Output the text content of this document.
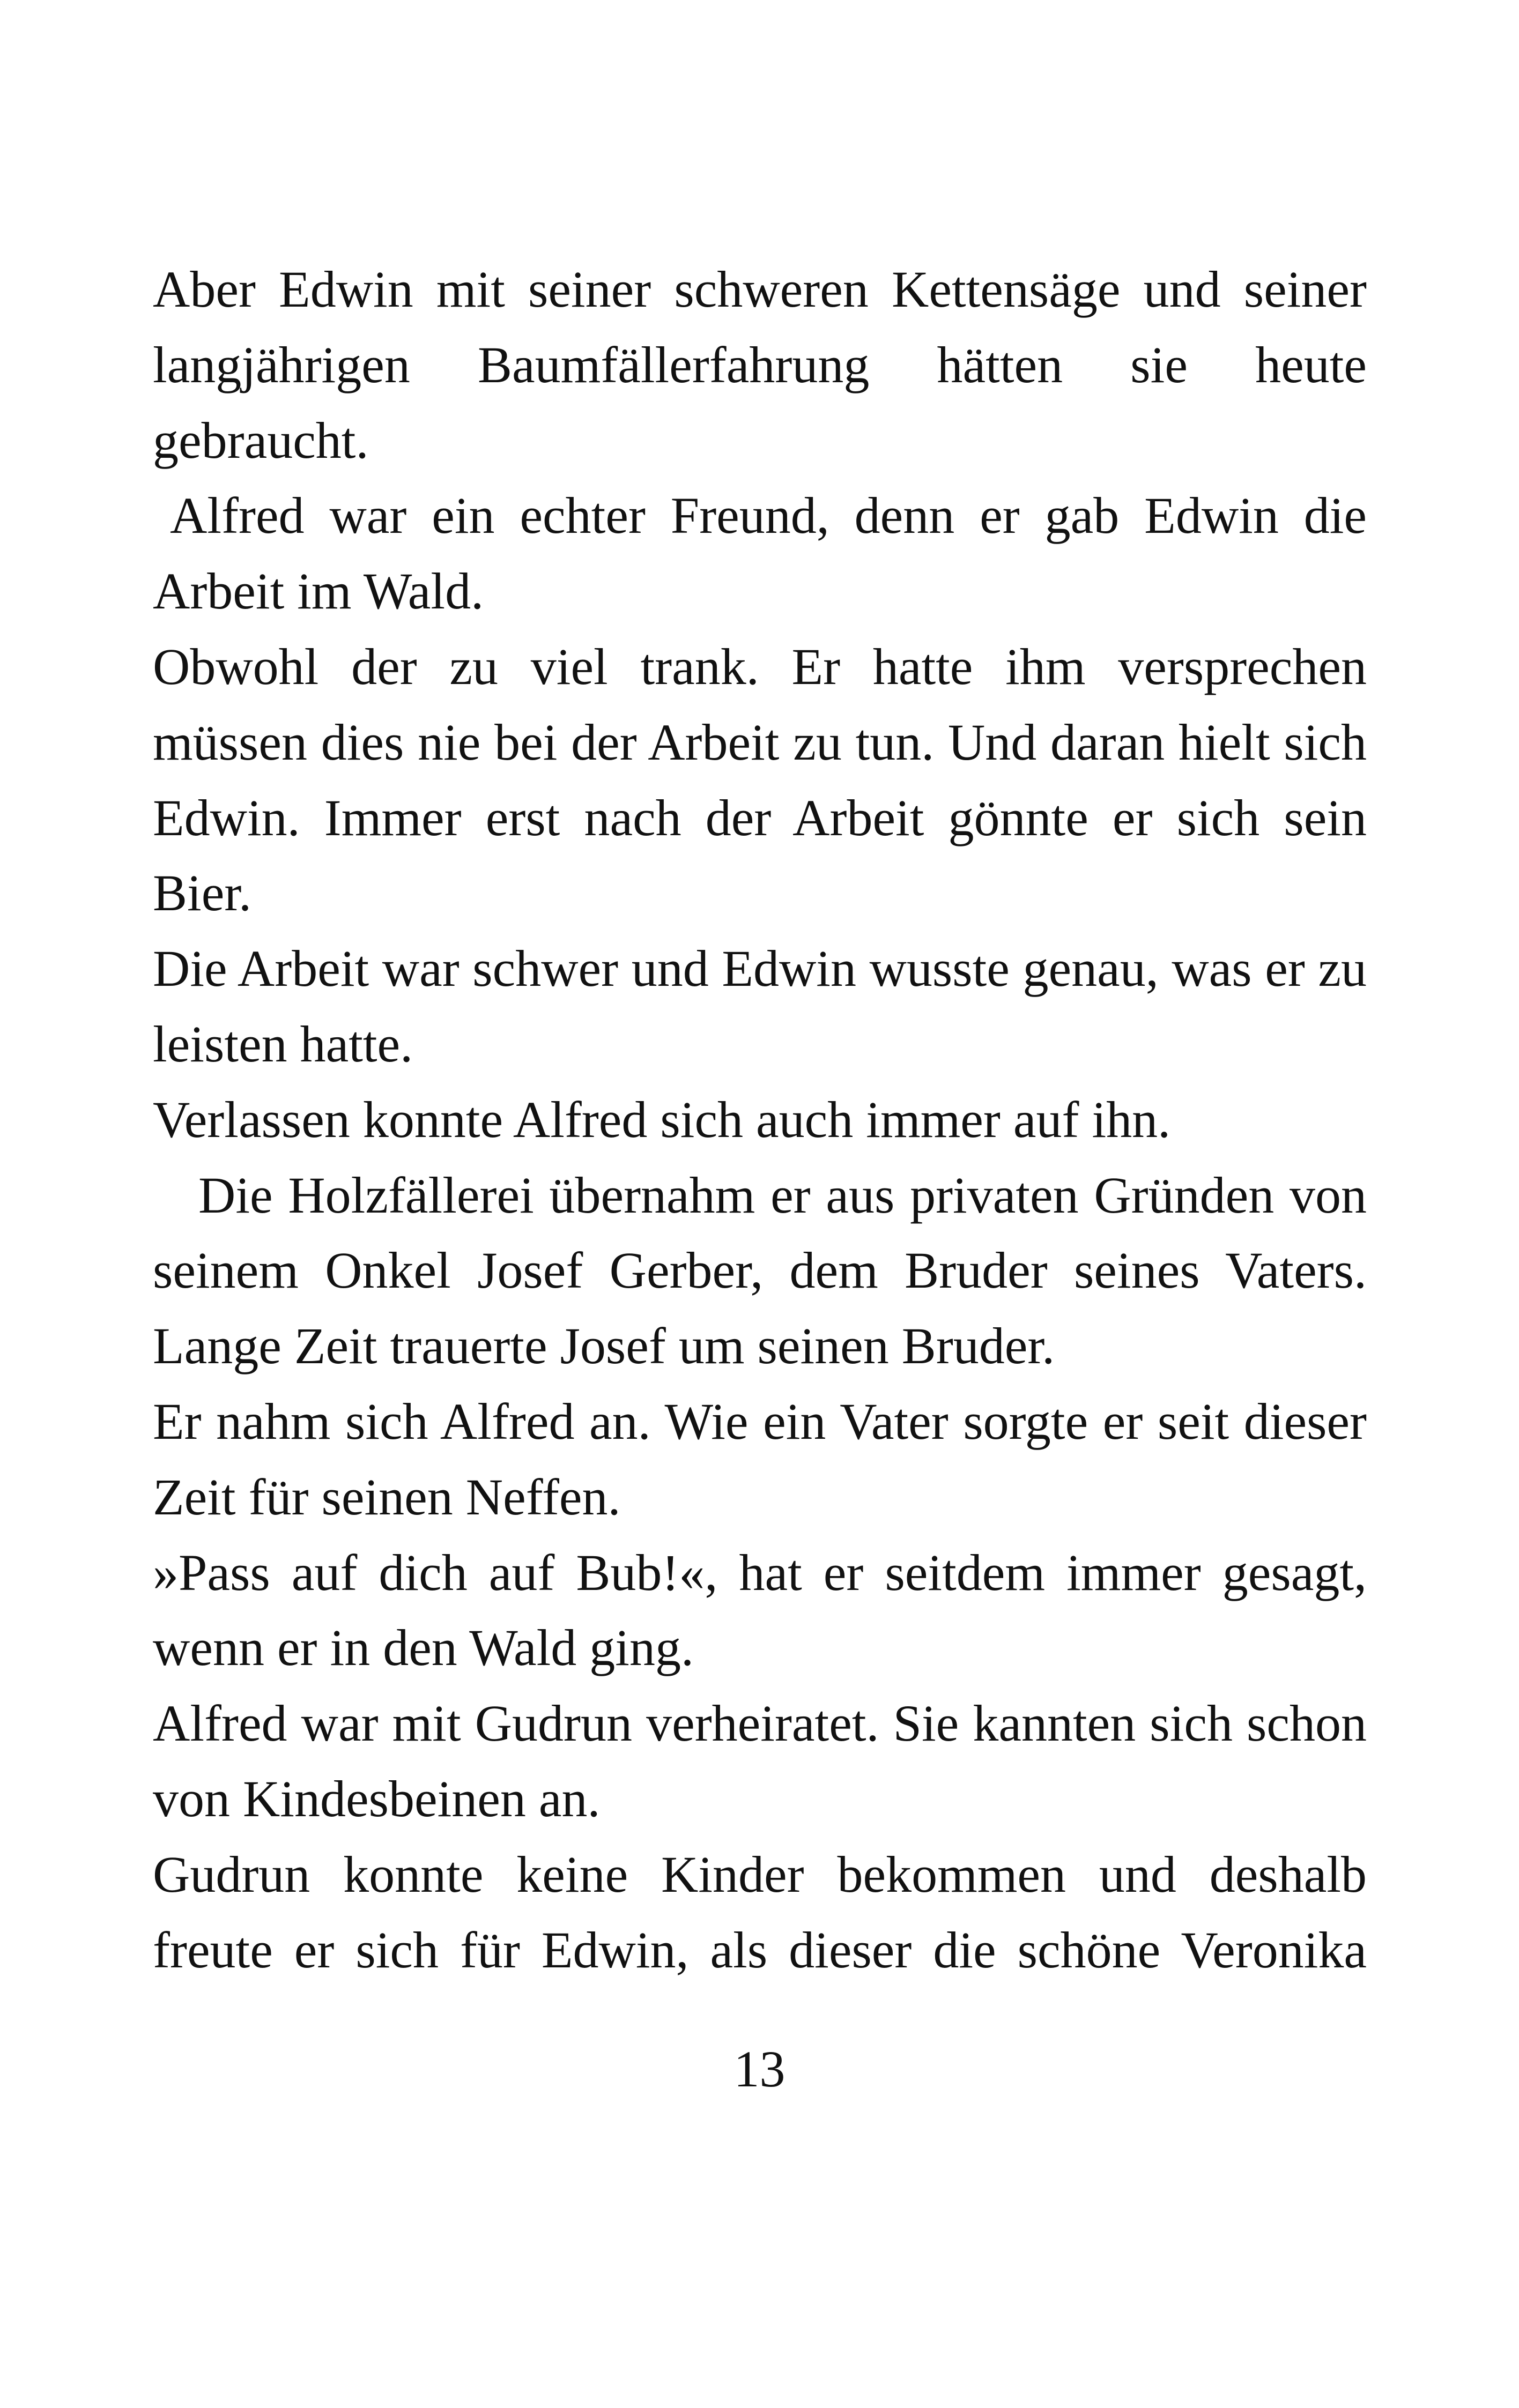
Aber Edwin mit seiner schweren Kettensäge und seiner langjährigen Baumfällerfahrung hätten sie heute gebraucht.

Alfred war ein echter Freund, denn er gab Edwin die Arbeit im Wald.

Obwohl der zu viel trank. Er hatte ihm versprechen müssen dies nie bei der Arbeit zu tun. Und daran hielt sich Edwin. Immer erst nach der Arbeit gönnte er sich sein Bier.

Die Arbeit war schwer und Edwin wusste genau, was er zu leisten hatte.

Verlassen konnte Alfred sich auch immer auf ihn.

Die Holzfällerei übernahm er aus privaten Gründen von seinem Onkel Josef Gerber, dem Bruder seines Vaters. Lange Zeit trauerte Josef um seinen Bruder.

Er nahm sich Alfred an. Wie ein Vater sorgte er seit dieser Zeit für seinen Neffen.

»Pass auf dich auf Bub!«, hat er seitdem immer gesagt, wenn er in den Wald ging.

Alfred war mit Gudrun verheiratet. Sie kannten sich schon von Kindesbeinen an.

Gudrun konnte keine Kinder bekommen und deshalb freute er sich für Edwin, als dieser die schöne Veronika

13
